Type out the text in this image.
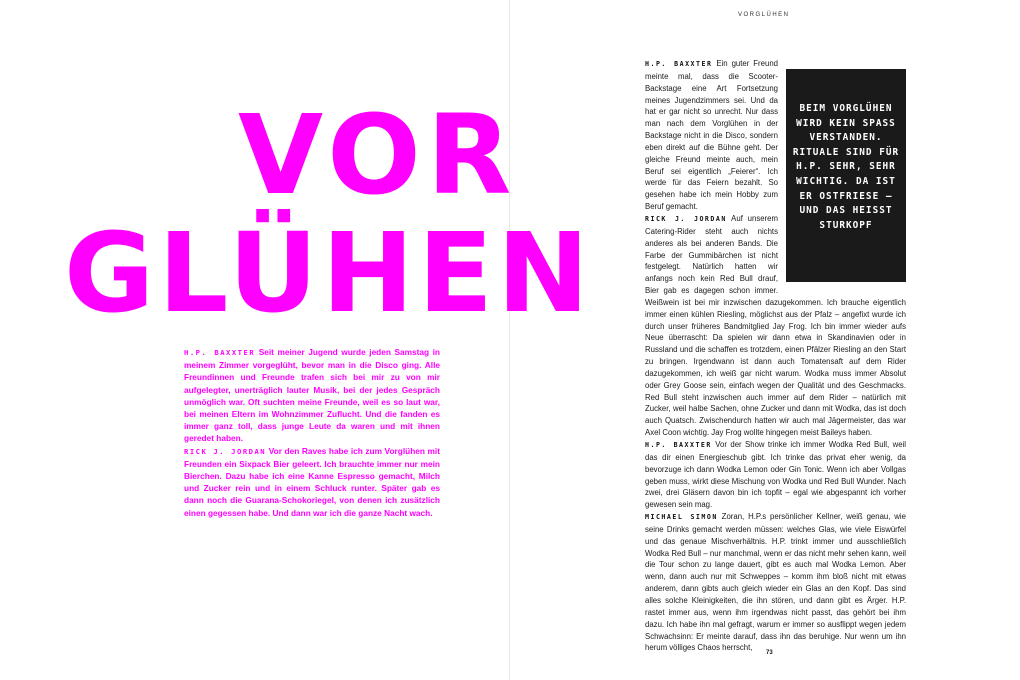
VOR
GLÜHEN

H.P. BAXXTER Seit meiner Jugend wurde jeden Samstag in meinem Zimmer vorgeglüht, bevor man in die Disco ging. Alle Freundinnen und Freunde trafen sich bei mir zu von mir aufgelegter, unerträglich lauter Musik, bei der jedes Gespräch unmöglich war. Oft suchten meine Freunde, weil es so laut war, bei meinen Eltern im Wohnzimmer Zuflucht. Und die fanden es immer ganz toll, dass junge Leute da waren und mit ihnen geredet haben.

RICK J. JORDAN Vor den Raves habe ich zum Vorglühen mit Freunden ein Sixpack Bier geleert. Ich brauchte immer nur mein Bierchen. Dazu habe ich eine Kanne Espresso gemacht, Milch und Zucker rein und in einem Schluck runter. Später gab es dann noch die Guarana-Schokoriegel, von denen ich zusätzlich einen gegessen habe. Und dann war ich die ganze Nacht wach.

VORGLÜHEN
BEIM VORGLÜHEN WIRD KEIN SPASS VERSTANDEN. RITUALE SIND FÜR H.P. SEHR, SEHR WICHTIG. DA IST ER OSTFRIESE – UND DAS HEISST STURKOPF

H.P. BAXXTER Ein guter Freund meinte mal, dass die Scooter-Backstage eine Art Fortsetzung meines Jugendzimmers sei. Und da hat er gar nicht so unrecht. Nur dass man nach dem Vorglühen in der Backstage nicht in die Disco, sondern eben direkt auf die Bühne geht. Der gleiche Freund meinte auch, mein Beruf sei eigentlich „Feierer“. Ich werde für das Feiern bezahlt. So gesehen habe ich mein Hobby zum Beruf gemacht.

RICK J. JORDAN Auf unserem Catering-Rider steht auch nichts anderes als bei anderen Bands. Die Farbe der Gummibärchen ist nicht festgelegt. Natürlich hatten wir anfangs noch kein Red Bull drauf, Bier gab es dagegen schon immer. Weißwein ist bei mir inzwischen dazugekommen. Ich brauche eigentlich immer einen kühlen Riesling, möglichst aus der Pfalz – angefixt wurde ich durch unser früheres Bandmitglied Jay Frog. Ich bin immer wieder aufs Neue überrascht: Da spielen wir dann etwa in Skandinavien oder in Russland und die schaffen es trotzdem, einen Pfälzer Riesling an den Start zu bringen. Irgendwann ist dann auch Tomatensaft auf dem Rider dazugekommen, ich weiß gar nicht warum. Wodka muss immer Absolut oder Grey Goose sein, einfach wegen der Qualität und des Geschmacks. Red Bull steht inzwischen auch immer auf dem Rider – natürlich mit Zucker, weil halbe Sachen, ohne Zucker und dann mit Wodka, das ist doch auch Quatsch. Zwischendurch hatten wir auch mal Jägermeister, das war Axel Coon wichtig. Jay Frog wollte hingegen meist Baileys haben.

H.P. BAXXTER Vor der Show trinke ich immer Wodka Red Bull, weil das dir einen Energieschub gibt. Ich trinke das privat eher wenig, da bevorzuge ich dann Wodka Lemon oder Gin Tonic. Wenn ich aber Vollgas geben muss, wirkt diese Mischung von Wodka und Red Bull Wunder. Nach zwei, drei Gläsern davon bin ich topfit – egal wie abgespannt ich vorher gewesen sein mag.

MICHAEL SIMON Zoran, H.P.s persönlicher Kellner, weiß genau, wie seine Drinks gemacht werden müssen: welches Glas, wie viele Eiswürfel und das genaue Mischverhältnis. H.P. trinkt immer und ausschließlich Wodka Red Bull – nur manchmal, wenn er das nicht mehr sehen kann, weil die Tour schon zu lange dauert, gibt es auch mal Wodka Lemon. Aber wenn, dann auch nur mit Schweppes – komm ihm bloß nicht mit etwas anderem, dann gibts auch gleich wieder ein Glas an den Kopf. Das sind alles solche Kleinigkeiten, die ihn stören, und dann gibt es Ärger. H.P. rastet immer aus, wenn ihm irgendwas nicht passt, das gehört bei ihm dazu. Ich habe ihn mal gefragt, warum er immer so ausflippt wegen jedem Schwachsinn: Er meinte darauf, dass ihn das beruhige. Nur wenn um ihn herum völliges Chaos herrscht,

73
